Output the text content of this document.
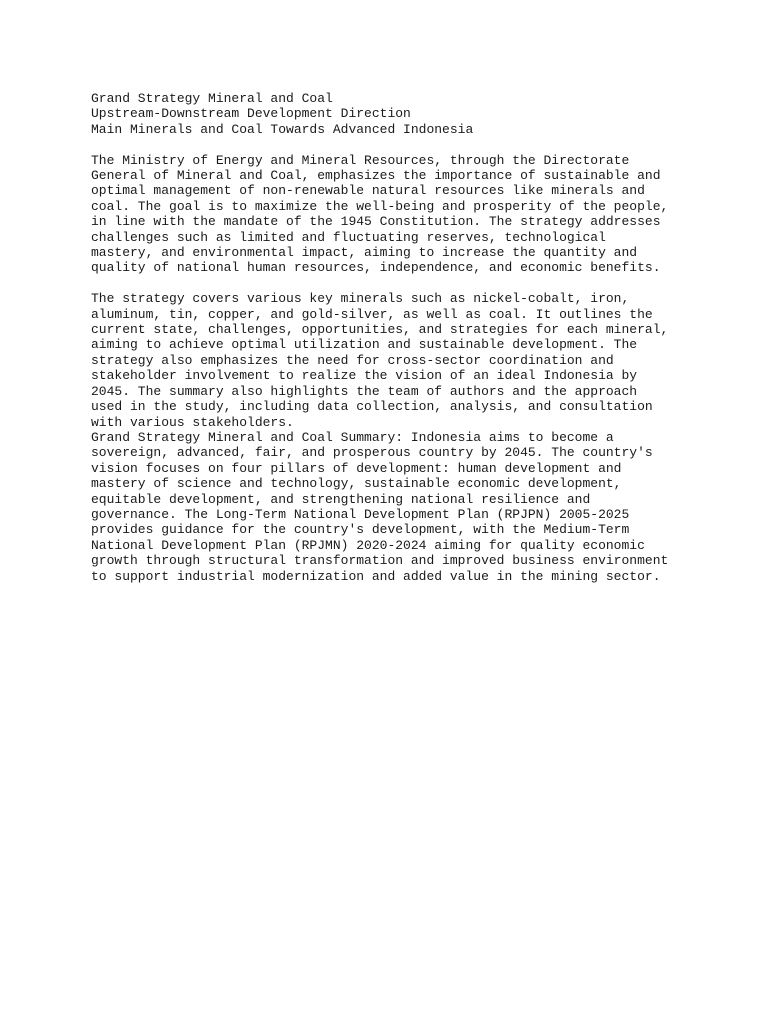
Grand Strategy Mineral and Coal
Upstream-Downstream Development Direction
Main Minerals and Coal Towards Advanced Indonesia
The Ministry of Energy and Mineral Resources, through the Directorate
General of Mineral and Coal, emphasizes the importance of sustainable and
optimal management of non-renewable natural resources like minerals and
coal. The goal is to maximize the well-being and prosperity of the people,
in line with the mandate of the 1945 Constitution. The strategy addresses
challenges such as limited and fluctuating reserves, technological
mastery, and environmental impact, aiming to increase the quantity and
quality of national human resources, independence, and economic benefits.
The strategy covers various key minerals such as nickel-cobalt, iron,
aluminum, tin, copper, and gold-silver, as well as coal. It outlines the
current state, challenges, opportunities, and strategies for each mineral,
aiming to achieve optimal utilization and sustainable development. The
strategy also emphasizes the need for cross-sector coordination and
stakeholder involvement to realize the vision of an ideal Indonesia by
2045. The summary also highlights the team of authors and the approach
used in the study, including data collection, analysis, and consultation
with various stakeholders.
Grand Strategy Mineral and Coal Summary: Indonesia aims to become a
sovereign, advanced, fair, and prosperous country by 2045. The country's
vision focuses on four pillars of development: human development and
mastery of science and technology, sustainable economic development,
equitable development, and strengthening national resilience and
governance. The Long-Term National Development Plan (RPJPN) 2005-2025
provides guidance for the country's development, with the Medium-Term
National Development Plan (RPJMN) 2020-2024 aiming for quality economic
growth through structural transformation and improved business environment
to support industrial modernization and added value in the mining sector.
